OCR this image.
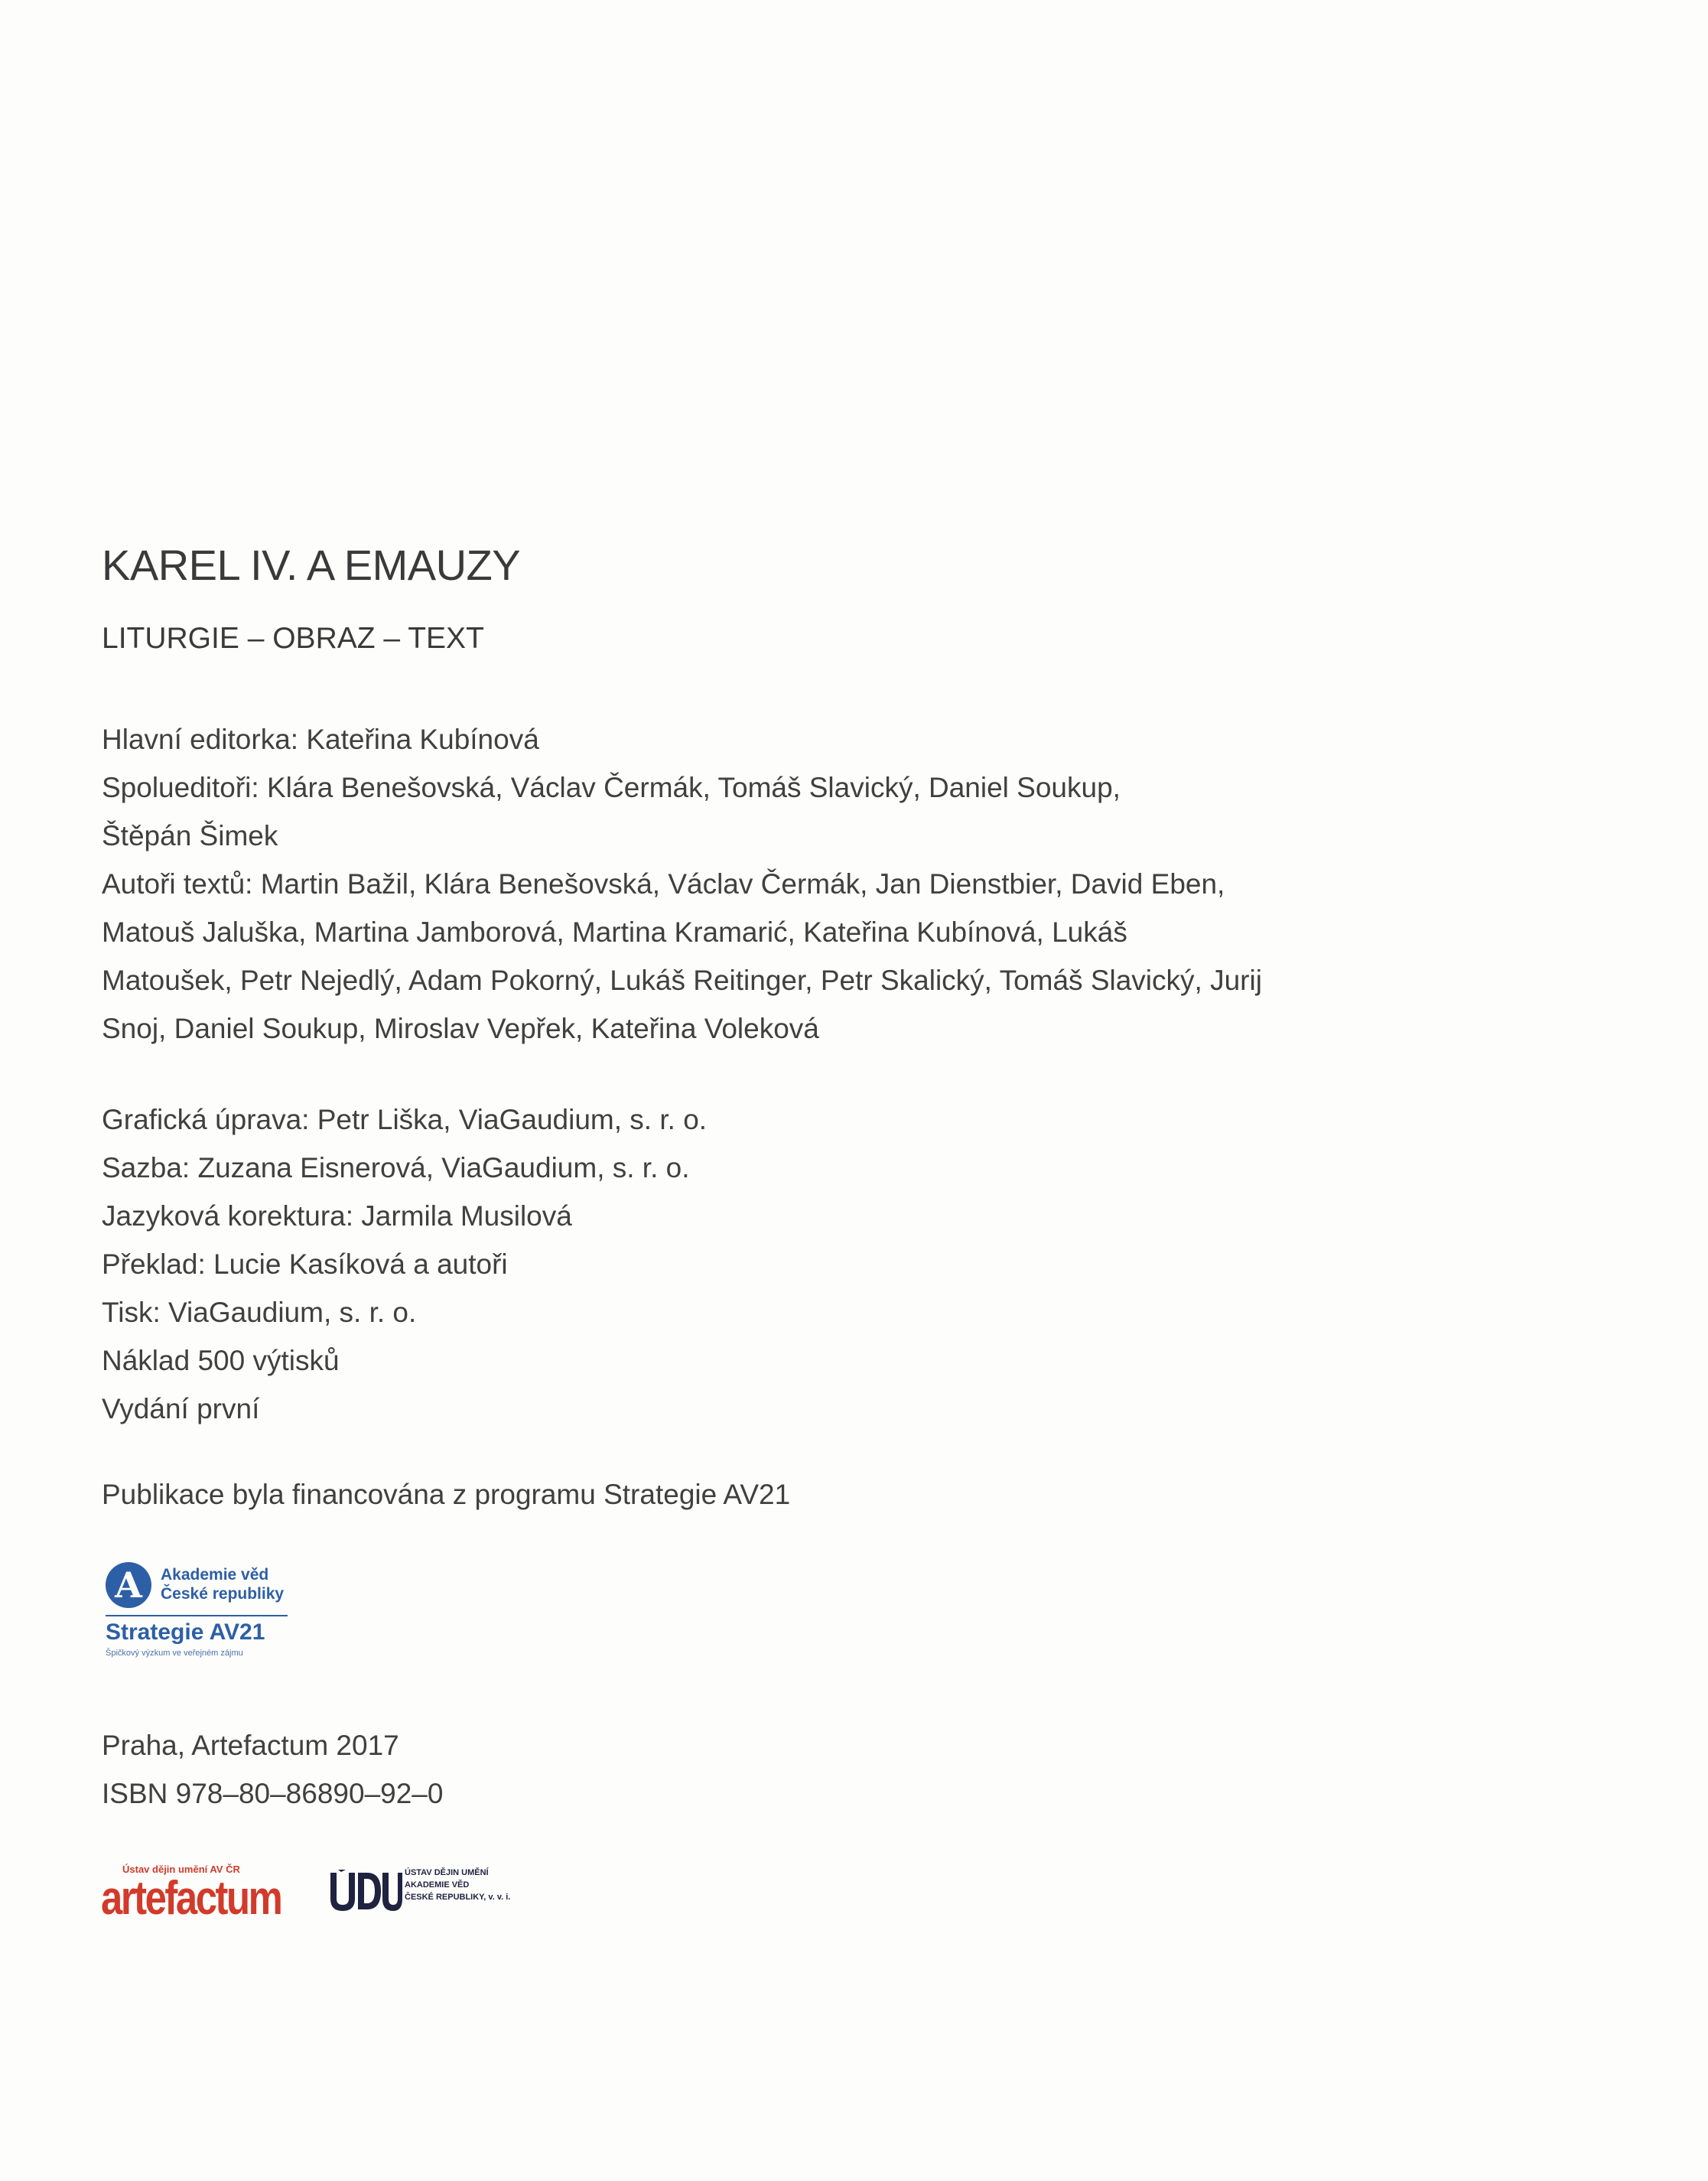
KAREL IV. A EMAUZY
LITURGIE – OBRAZ – TEXT

Hlavní editorka: Kateřina Kubínová

Spolueditoři: Klára Benešovská, Václav Čermák, Tomáš Slavický, Daniel Soukup, Štěpán Šimek

Autoři textů: Martin Bažil, Klára Benešovská, Václav Čermák, Jan Dienstbier, David Eben, Matouš Jaluška, Martina Jamborová, Martina Kramarić, Kateřina Kubínová, Lukáš Matoušek, Petr Nejedlý, Adam Pokorný, Lukáš Reitinger, Petr Skalický, Tomáš Slavický, Jurij Snoj, Daniel Soukup, Miroslav Vepřek, Kateřina Voleková

Grafická úprava: Petr Liška, ViaGaudium, s. r. o.

Sazba: Zuzana Eisnerová, ViaGaudium, s. r. o.

Jazyková korektura: Jarmila Musilová

Překlad: Lucie Kasíková a autoři

Tisk: ViaGaudium, s. r. o.

Náklad 500 výtisků

Vydání první

Publikace byla financována z programu Strategie AV21
A	Akademie věd
České republiky
Strategie AV21
Špičkový výzkum ve veřejném zájmu

Praha, Artefactum 2017

ISBN 978–80–86890–92–0

Ústav dějin umění AV ČR
artefactum	ÚSTAV DĚJIN UMĚNÍ
AKADEMIE VĚD
ČESKÉ REPUBLIKY, v. v. i.
